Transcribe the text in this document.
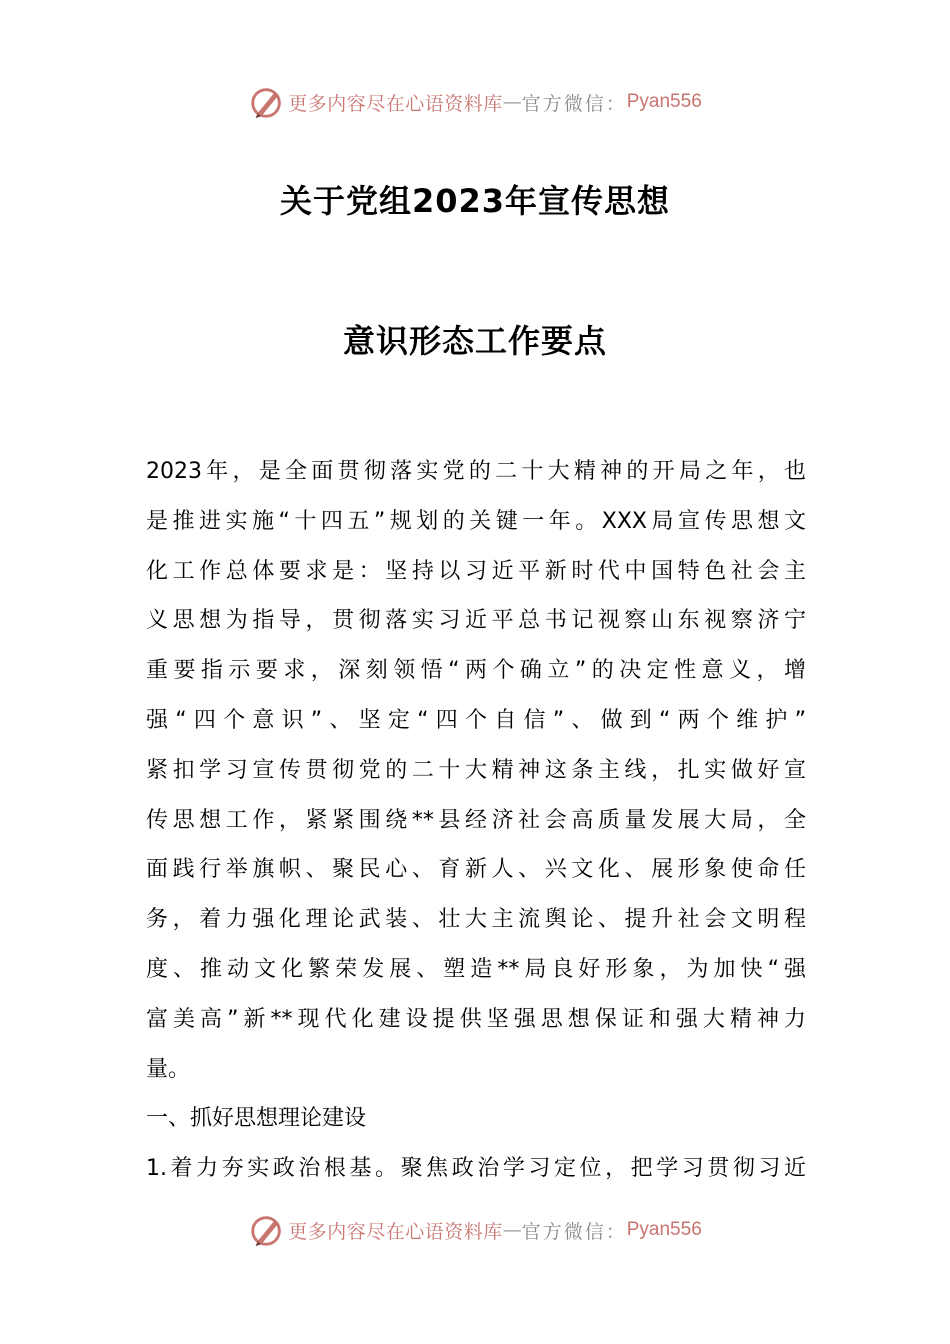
更多内容尽在心语资料库 — 官方微信： Pyan556
关于党组2023年宣传思想
意识形态工作要点
2023年，是全面贯彻落实党的二十大精神的开局之年，也
是推进实施“十四五”规划的关键一年。XXX局宣传思想文
化工作总体要求是：坚持以习近平新时代中国特色社会主
义思想为指导，贯彻落实习近平总书记视察山东视察济宁
重要指示要求，深刻领悟“两个确立”的决定性意义，增
强“四个意识”、坚定“四个自信”、做到“两个维护”
紧扣学习宣传贯彻党的二十大精神这条主线，扎实做好宣
传思想工作，紧紧围绕**县经济社会高质量发展大局，全
面践行举旗帜、聚民心、育新人、兴文化、展形象使命任
务，着力强化理论武装、壮大主流舆论、提升社会文明程
度、推动文化繁荣发展、塑造**局良好形象，为加快“强
富美高”新**现代化建设提供坚强思想保证和强大精神力
量。
一、抓好思想理论建设
1.着力夯实政治根基。聚焦政治学习定位，把学习贯彻习近
更多内容尽在心语资料库 — 官方微信： Pyan556
